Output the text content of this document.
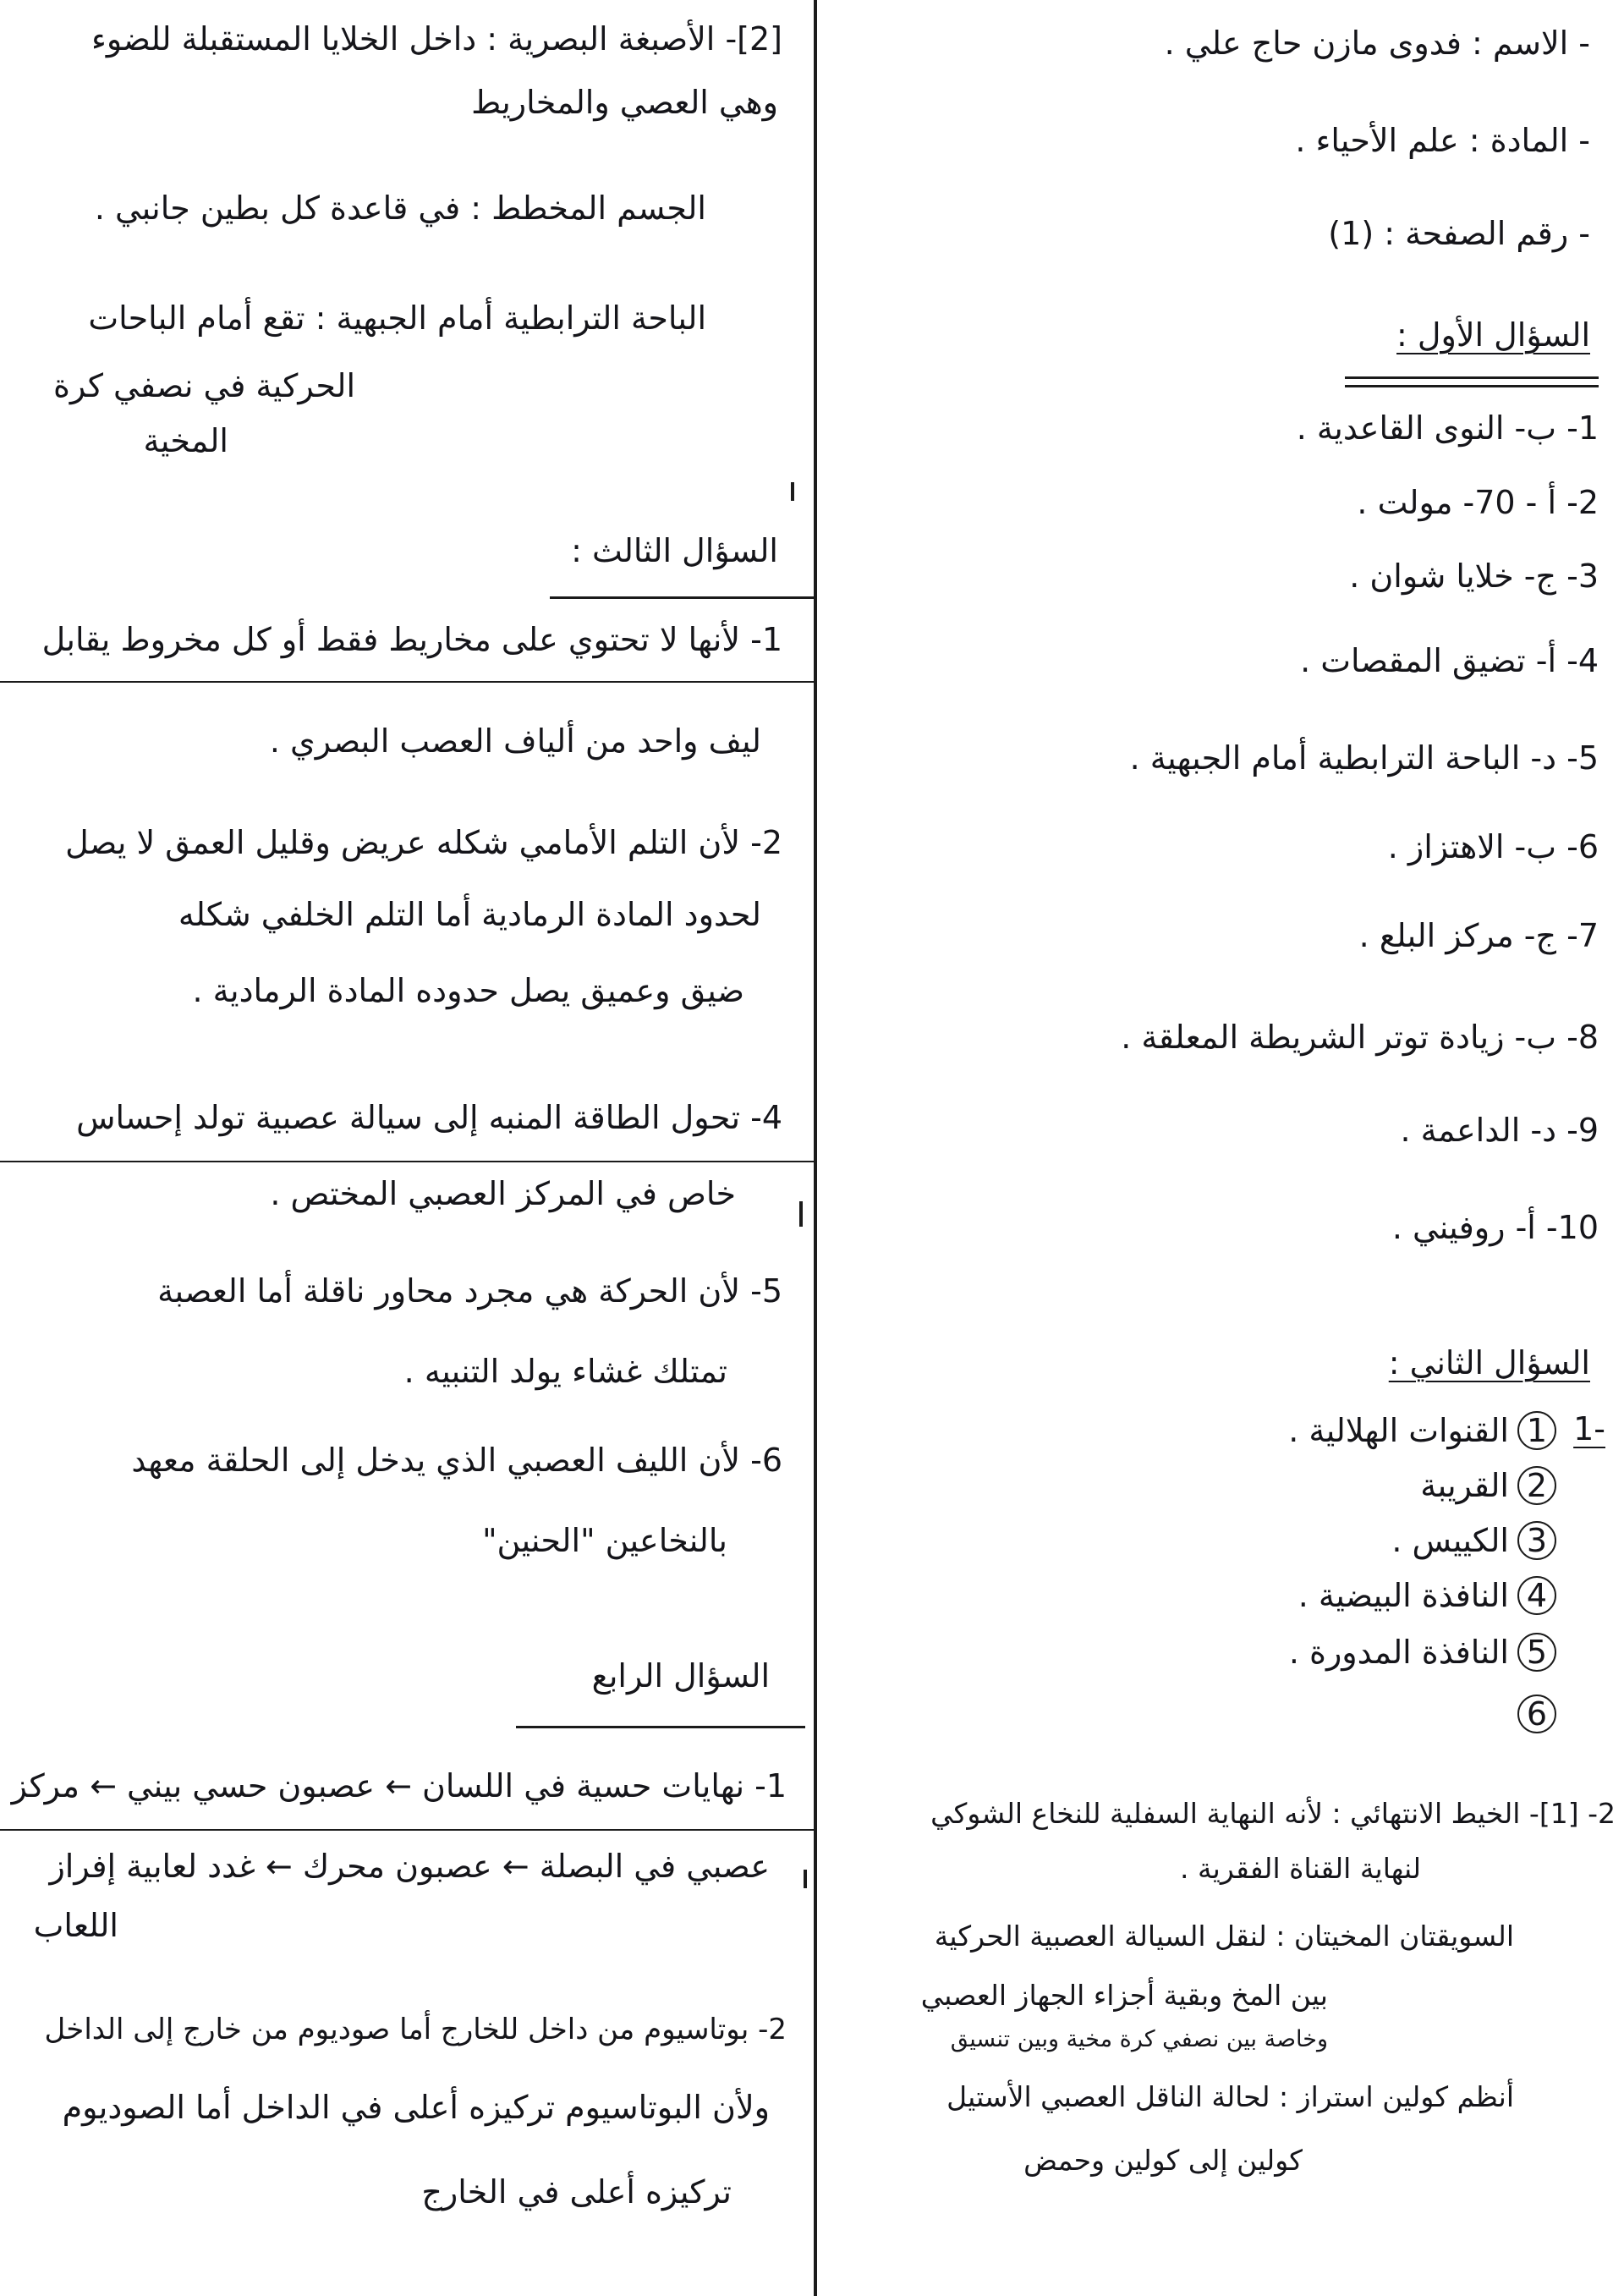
- الاسم : فدوى مازن حاج علي .
- المادة : علم الأحياء .
- رقم الصفحة : (1)
السؤال الأول :
1- ب- النوى القاعدية .
2- أ - 70- مولت .
3- ج- خلايا شوان .
4- أ- تضيق المقصات .
5- د- الباحة الترابطية أمام الجبهية .
6- ب- الاهتزاز .
7- ج- مركز البلع .
8- ب- زيادة توتر الشريطة المعلقة .
9- د- الداعمة .
10- أ- روفيني .
السؤال الثاني :
1-
1القنوات الهلالية .
2القريبة
3الكييس .
4النافذة البيضية .
5النافذة المدورة .
6
2- [1]- الخيط الانتهائي : لأنه النهاية السفلية للنخاع الشوكي
لنهاية القناة الفقرية .
السويقتان المخيتان : لنقل السيالة العصبية الحركية
بين المخ وبقية أجزاء الجهاز العصبي
وخاصة بين نصفي كرة مخية وبين تنسيق
أنظم كولين استراز : لحالة الناقل العصبي الأستيل
كولين إلى كولين وحمض
[2]- الأصبغة البصرية : داخل الخلايا المستقبلة للضوء
وهي العصي والمخاريط
الجسم المخطط : في قاعدة كل بطين جانبي .
الباحة الترابطية أمام الجبهية : تقع أمام الباحات
الحركية في نصفي كرة
المخية
السؤال الثالث :
1- لأنها لا تحتوي على مخاريط فقط أو كل مخروط يقابل
ليف واحد من ألياف العصب البصري .
2- لأن التلم الأمامي شكله عريض وقليل العمق لا يصل
لحدود المادة الرمادية أما التلم الخلفي شكله
ضيق وعميق يصل حدوده المادة الرمادية .
4- تحول الطاقة المنبه إلى سيالة عصبية تولد إحساس
خاص في المركز العصبي المختص .
5- لأن الحركة هي مجرد محاور ناقلة أما العصبة
تمتلك غشاء يولد التنبيه .
6- لأن الليف العصبي الذي يدخل إلى الحلقة معهد
بالنخاعين "الحنين"
السؤال الرابع
1- نهايات حسية في اللسان ← عصبون حسي بيني ← مركز
عصبي في البصلة ← عصبون محرك ← غدد لعابية إفراز
اللعاب
2- بوتاسيوم من داخل للخارج أما صوديوم من خارج إلى الداخل
ولأن البوتاسيوم تركيزه أعلى في الداخل أما الصوديوم
تركيزه أعلى في الخارج
